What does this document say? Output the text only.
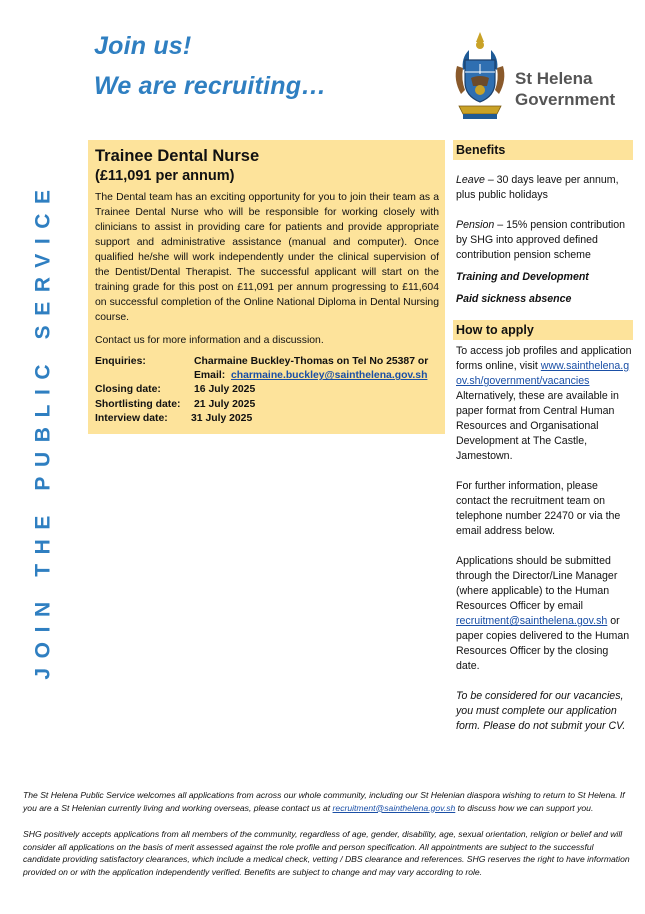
Join us!
We are recruiting…	St Helena
Government
JOIN THE PUBLIC SERVICE
Trainee Dental Nurse
(£11,091 per annum)
The Dental team has an exciting opportunity for you to join their team as a Trainee Dental Nurse who will be responsible for working closely with clinicians to assist in providing care for patients and provide appropriate support and administrative assistance (manual and computer). Once qualified he/she will work independently under the clinical supervision of the Dentist/Dental Therapist. The successful applicant will start on the training grade for this post on £11,091 per annum progressing to £11,604 on successful completion of the Online National Diploma in Dental Nursing course.
Contact us for more information and a discussion.
Enquiries:	Charmaine Buckley-Thomas on Tel No 25387 or
Email: charmaine.buckley@sainthelena.gov.sh
Closing date:	16 July 2025
Shortlisting date:	21 July 2025
Interview date:	31 July 2025
Benefits

Leave – 30 days leave per annum, plus public holidays

Pension – 15% pension contribution by SHG into approved defined contribution pension scheme

Training and Development

Paid sickness absence

How to apply

To access job profiles and application forms online, visit www.sainthelena.gov.sh/government/vacancies Alternatively, these are available in paper format from Central Human Resources and Organisational Development at The Castle, Jamestown.

For further information, please contact the recruitment team on telephone number 22470 or via the email address below.

Applications should be submitted through the Director/Line Manager (where applicable) to the Human Resources Officer by email recruitment@sainthelena.gov.sh or paper copies delivered to the Human Resources Officer by the closing date.

To be considered for our vacancies, you must complete our application form. Please do not submit your CV.

The St Helena Public Service welcomes all applications from across our whole community, including our St Helenian diaspora wishing to return to St Helena. If you are a St Helenian currently living and working overseas, please contact us at recruitment@sainthelena.gov.sh to discuss how we can support you.
SHG positively accepts applications from all members of the community, regardless of age, gender, disability, age, sexual orientation, religion or belief and will consider all applications on the basis of merit assessed against the role profile and person specification. All appointments are subject to the successful candidate providing satisfactory clearances, which include a medical check, vetting / DBS clearance and references. SHG reserves the right to have information provided on or with the application independently verified. Benefits are subject to change and may vary according to role.
